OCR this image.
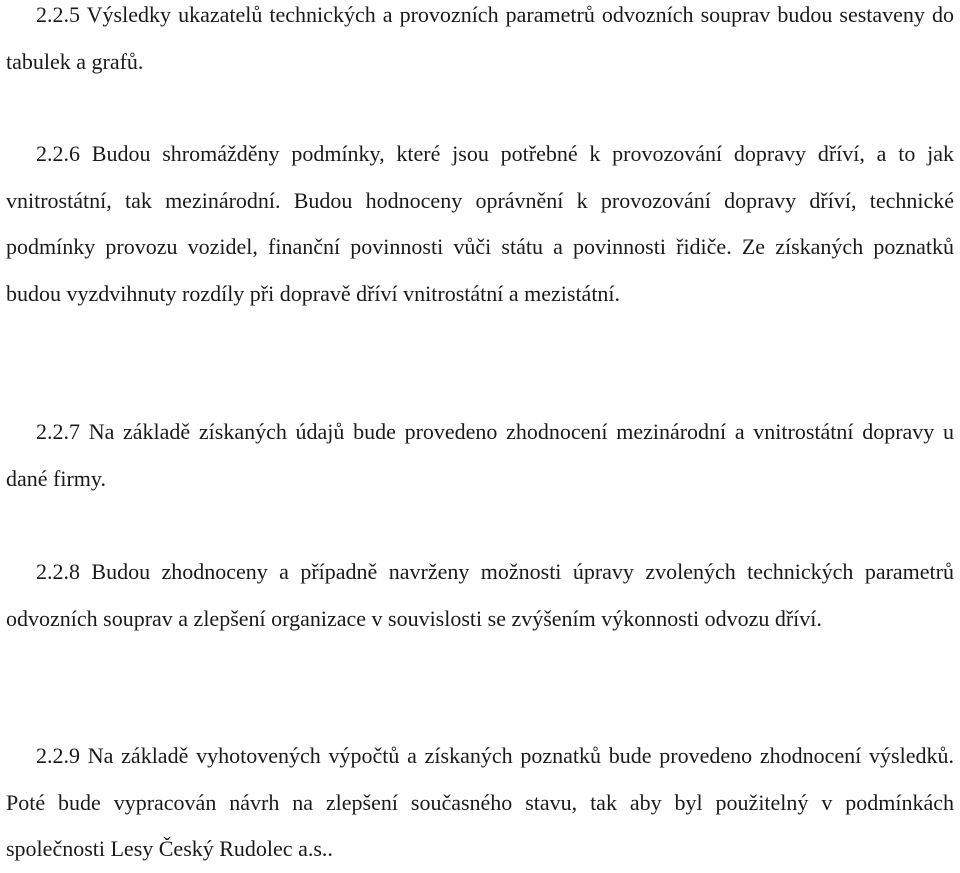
2.2.5 Výsledky ukazatelů technických a provozních parametrů odvozních souprav budou sestaveny do tabulek a grafů.

2.2.6 Budou shromážděny podmínky, které jsou potřebné k provozování dopravy dříví, a to jak vnitrostátní, tak mezinárodní. Budou hodnoceny oprávnění k provozování dopravy dříví, technické podmínky provozu vozidel, finanční povinnosti vůči státu a povinnosti řidiče. Ze získaných poznatků budou vyzdvihnuty rozdíly při dopravě dříví vnitrostátní a mezistátní.

2.2.7 Na základě získaných údajů bude provedeno zhodnocení mezinárodní a vnitrostátní dopravy u dané firmy.

2.2.8 Budou zhodnoceny a případně navrženy možnosti úpravy zvolených technických parametrů odvozních souprav a zlepšení organizace v souvislosti se zvýšením výkonnosti odvozu dříví.

2.2.9 Na základě vyhotovených výpočtů a získaných poznatků bude provedeno zhodnocení výsledků. Poté bude vypracován návrh na zlepšení současného stavu, tak aby byl použitelný v podmínkách společnosti Lesy Český Rudolec a.s..
